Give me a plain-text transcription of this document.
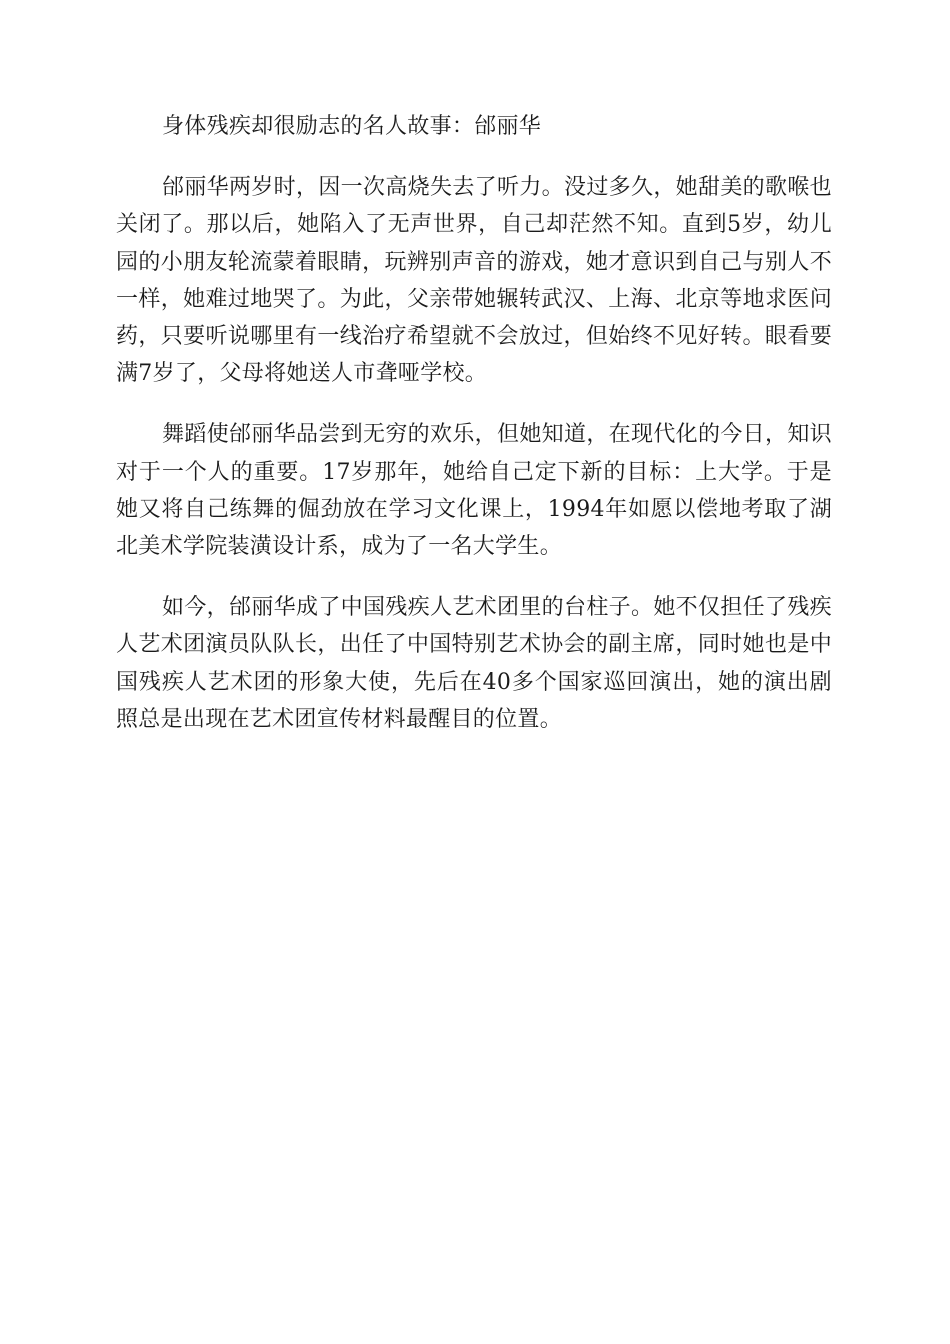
身体残疾却很励志的名人故事：邰丽华

邰丽华两岁时，因一次高烧失去了听力。没过多久，她甜美的歌喉也关闭了。那以后，她陷入了无声世界，自己却茫然不知。直到5岁，幼儿园的小朋友轮流蒙着眼睛，玩辨别声音的游戏，她才意识到自己与别人不一样，她难过地哭了。为此，父亲带她辗转武汉、上海、北京等地求医问药，只要听说哪里有一线治疗希望就不会放过，但始终不见好转。眼看要满7岁了，父母将她送人市聋哑学校。

舞蹈使邰丽华品尝到无穷的欢乐，但她知道，在现代化的今日，知识对于一个人的重要。17岁那年，她给自己定下新的目标：上大学。于是她又将自己练舞的倔劲放在学习文化课上，1994年如愿以偿地考取了湖北美术学院装潢设计系，成为了一名大学生。

如今，邰丽华成了中国残疾人艺术团里的台柱子。她不仅担任了残疾人艺术团演员队队长，出任了中国特别艺术协会的副主席，同时她也是中国残疾人艺术团的形象大使，先后在40多个国家巡回演出，她的演出剧照总是出现在艺术团宣传材料最醒目的位置。
